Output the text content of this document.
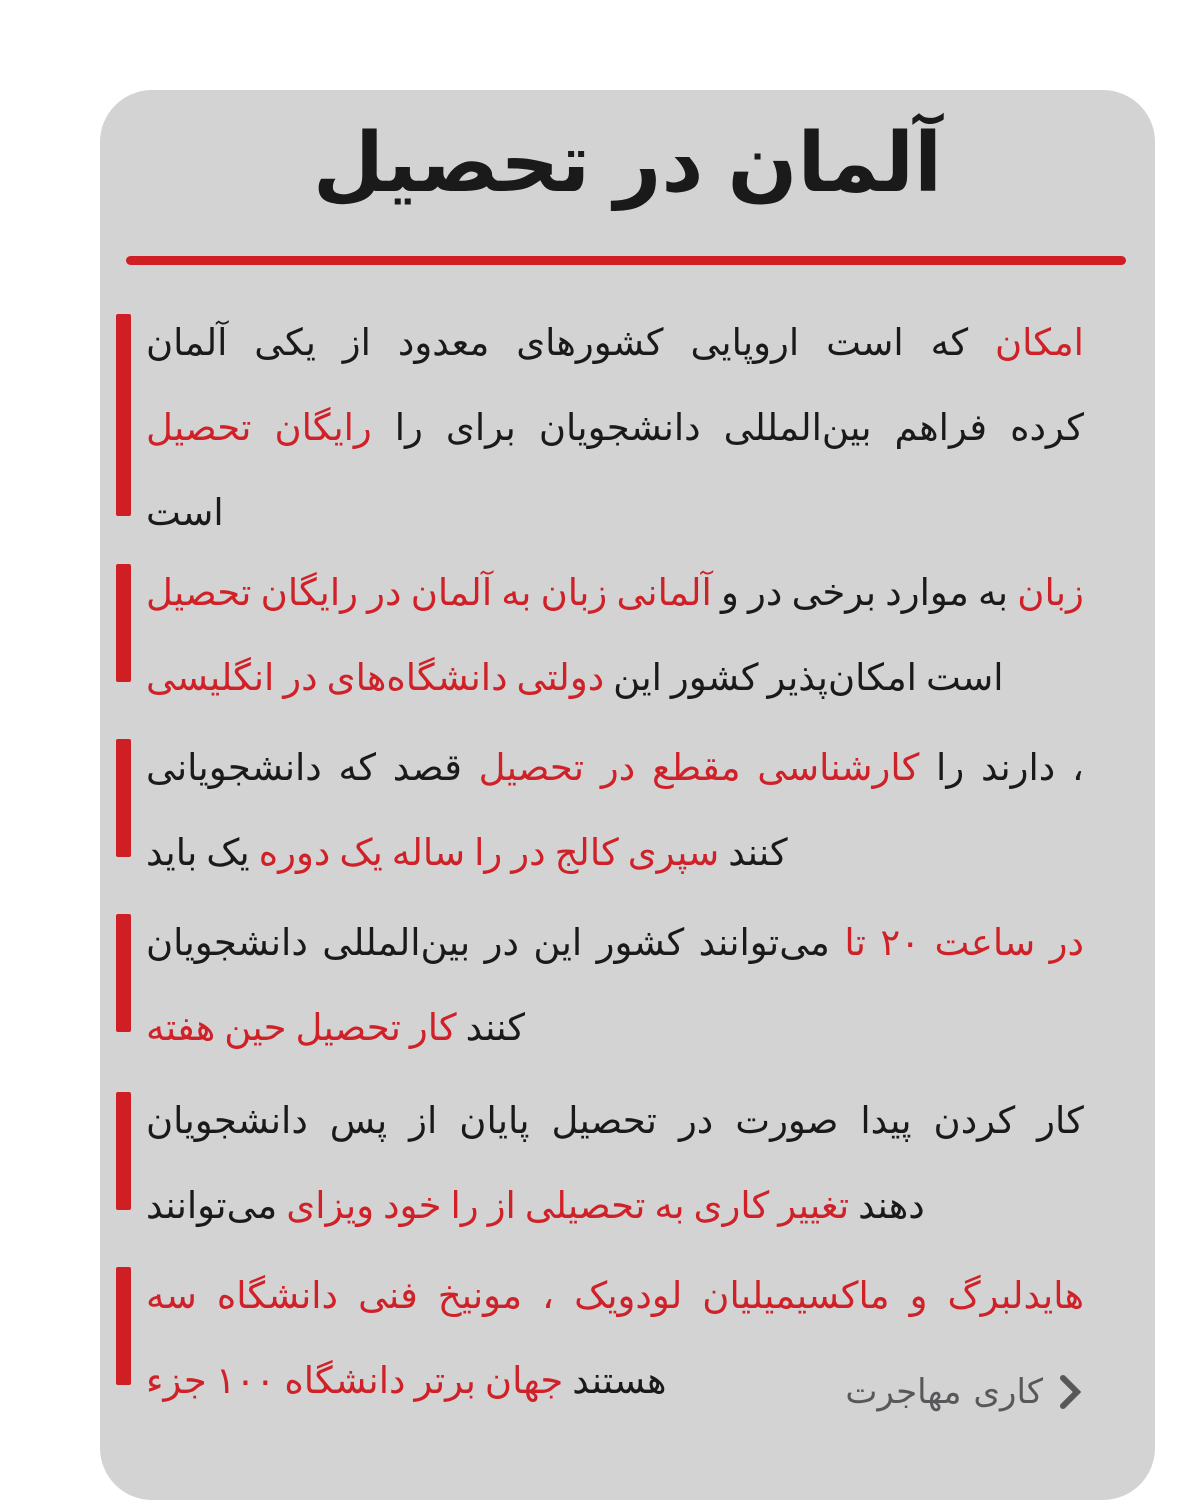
تحصیل در آلمان
آلمان یکی از معدود کشورهای اروپایی است که امکان
تحصیل رایگان را برای دانشجویان بین‌المللی فراهم کرده
است
تحصیل رایگان در آلمان به زبان آلمانی و در برخی موارد به زبان
انگلیسی در دانشگاه‌های دولتی این کشور امکان‌پذیر است
دانشجویانی که قصد تحصیل در مقطع کارشناسی را دارند ،
باید یک دوره یک ساله را در کالج سپری کنند
دانشجویان بین‌المللی در این کشور می‌توانند تا ۲۰ ساعت در
هفته حین تحصیل کار کنند
دانشجویان پس از پایان تحصیل در صورت پیدا کردن کار
می‌توانند ویزای خود را از تحصیلی به کاری تغییر دهند
سه دانشگاه فنی مونیخ ، لودویک ماکسیمیلیان و هایدلبرگ
جزء ۱۰۰ دانشگاه برتر جهان هستند	مهاجرت کاری
